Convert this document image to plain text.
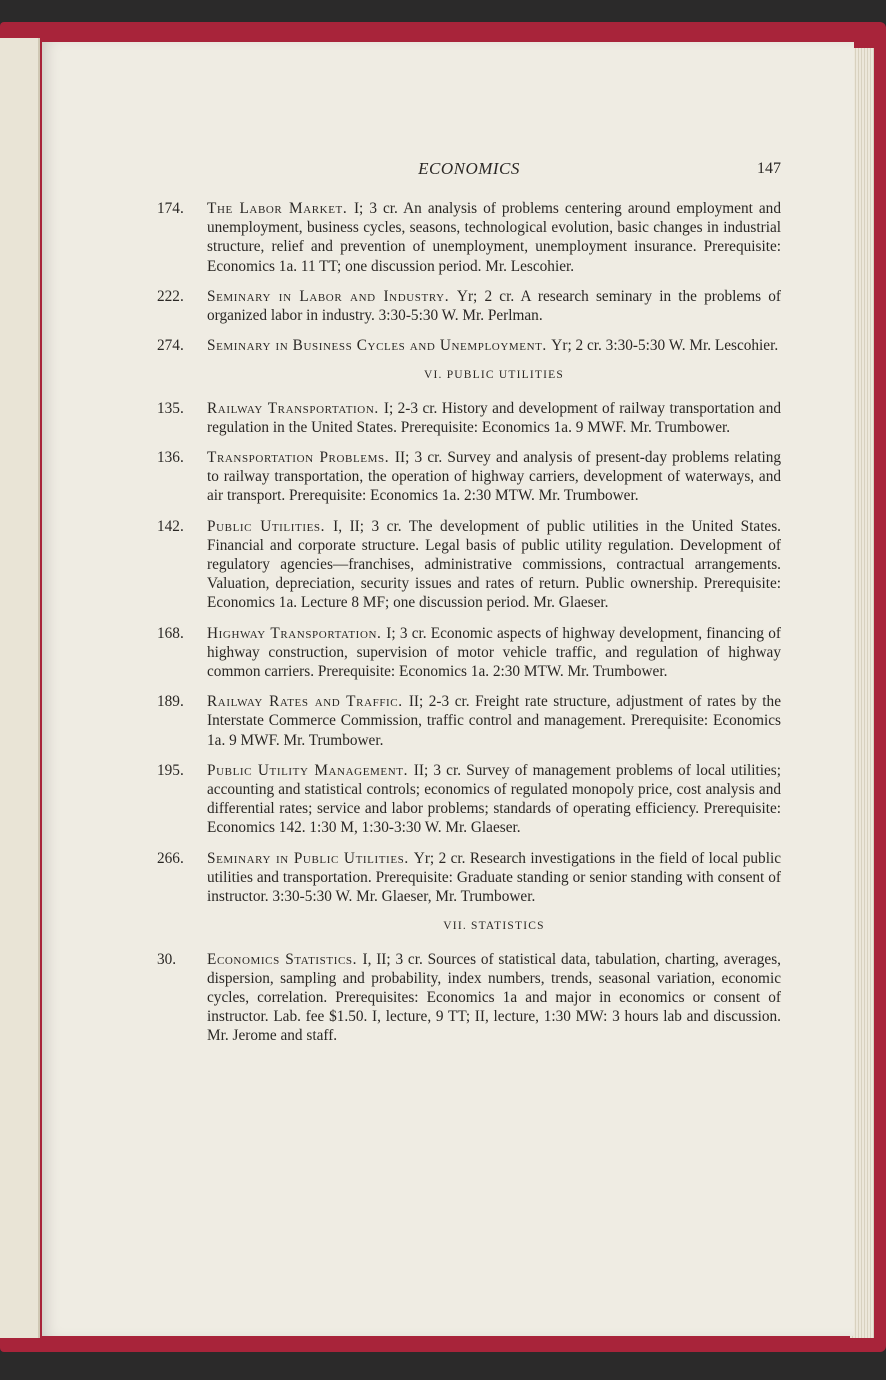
ECONOMICS	147
174.	The Labor Market. I; 3 cr. An analysis of problems centering around employment and unemployment, business cycles, seasons, technological evolution, basic changes in industrial structure, relief and prevention of unemployment, unemployment insurance. Prerequisite: Economics 1a. 11 TT; one discussion period. Mr. Lescohier.
222.	Seminary in Labor and Industry. Yr; 2 cr. A research seminary in the problems of organized labor in industry. 3:30-5:30 W. Mr. Perlman.
274.	Seminary in Business Cycles and Unemployment. Yr; 2 cr. 3:30-5:30 W. Mr. Lescohier.
VI. PUBLIC UTILITIES
135.	Railway Transportation. I; 2-3 cr. History and development of railway transportation and regulation in the United States. Prerequisite: Economics 1a. 9 MWF. Mr. Trumbower.
136.	Transportation Problems. II; 3 cr. Survey and analysis of present-day problems relating to railway transportation, the operation of highway carriers, development of waterways, and air transport. Prerequisite: Economics 1a. 2:30 MTW. Mr. Trumbower.
142.	Public Utilities. I, II; 3 cr. The development of public utilities in the United States. Financial and corporate structure. Legal basis of public utility regulation. Development of regulatory agencies—franchises, administrative commissions, contractual arrangements. Valuation, depreciation, security issues and rates of return. Public ownership. Prerequisite: Economics 1a. Lecture 8 MF; one discussion period. Mr. Glaeser.
168.	Highway Transportation. I; 3 cr. Economic aspects of highway development, financing of highway construction, supervision of motor vehicle traffic, and regulation of highway common carriers. Prerequisite: Economics 1a. 2:30 MTW. Mr. Trumbower.
189.	Railway Rates and Traffic. II; 2-3 cr. Freight rate structure, adjustment of rates by the Interstate Commerce Commission, traffic control and management. Prerequisite: Economics 1a. 9 MWF. Mr. Trumbower.
195.	Public Utility Management. II; 3 cr. Survey of management problems of local utilities; accounting and statistical controls; economics of regulated monopoly price, cost analysis and differential rates; service and labor problems; standards of operating efficiency. Prerequisite: Economics 142. 1:30 M, 1:30-3:30 W. Mr. Glaeser.
266.	Seminary in Public Utilities. Yr; 2 cr. Research investigations in the field of local public utilities and transportation. Prerequisite: Graduate standing or senior standing with consent of instructor. 3:30-5:30 W. Mr. Glaeser, Mr. Trumbower.
VII. STATISTICS
30.	Economics Statistics. I, II; 3 cr. Sources of statistical data, tabulation, charting, averages, dispersion, sampling and probability, index numbers, trends, seasonal variation, economic cycles, correlation. Prerequisites: Economics 1a and major in economics or consent of instructor. Lab. fee $1.50. I, lecture, 9 TT; II, lecture, 1:30 MW: 3 hours lab and discussion. Mr. Jerome and staff.
